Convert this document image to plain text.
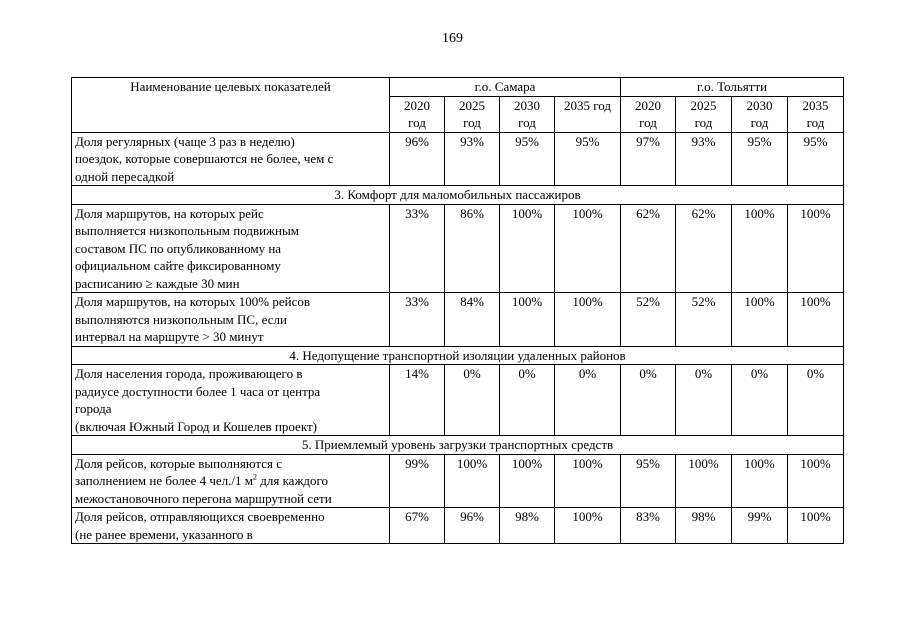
169
Наименование целевых показателей	г.о. Самара				г.о. Тольятти			

	2020
год	2025
год	2030
год	2035 год	2020
год	2025
год	2030
год	2035
год

Доля регулярных (чаще 3 раз в неделю)
поездок, которые совершаются не более, чем с
одной пересадкой	96%	93%	95%	95%	97%	93%	95%	95%
3. Комфорт для маломобильных пассажиров								

Доля маршрутов, на которых рейс
выполняется низкопольным подвижным
составом ПС по опубликованному на
официальном сайте фиксированному
расписанию ≥ каждые 30 мин	33%	86%	100%	100%	62%	62%	100%	100%

Доля маршрутов, на которых 100% рейсов
выполняются низкопольным ПС, если
интервал на маршруте > 30 минут	33%	84%	100%	100%	52%	52%	100%	100%
4. Недопущение транспортной изоляции удаленных районов								

Доля населения города, проживающего в
радиусе доступности более 1 часа от центра
города
(включая Южный Город и Кошелев проект)	14%	0%	0%	0%	0%	0%	0%	0%
5. Приемлемый уровень загрузки транспортных средств								

Доля рейсов, которые выполняются с
заполнением не более 4 чел./1 $м^2$ для каждого
межостановочного перегона маршрутной сети	99%	100%	100%	100%	95%	100%	100%	100%

Доля рейсов, отправляющихся своевременно
(не ранее времени, указанного в	67%	96%	98%	100%	83%	98%	99%	100%
